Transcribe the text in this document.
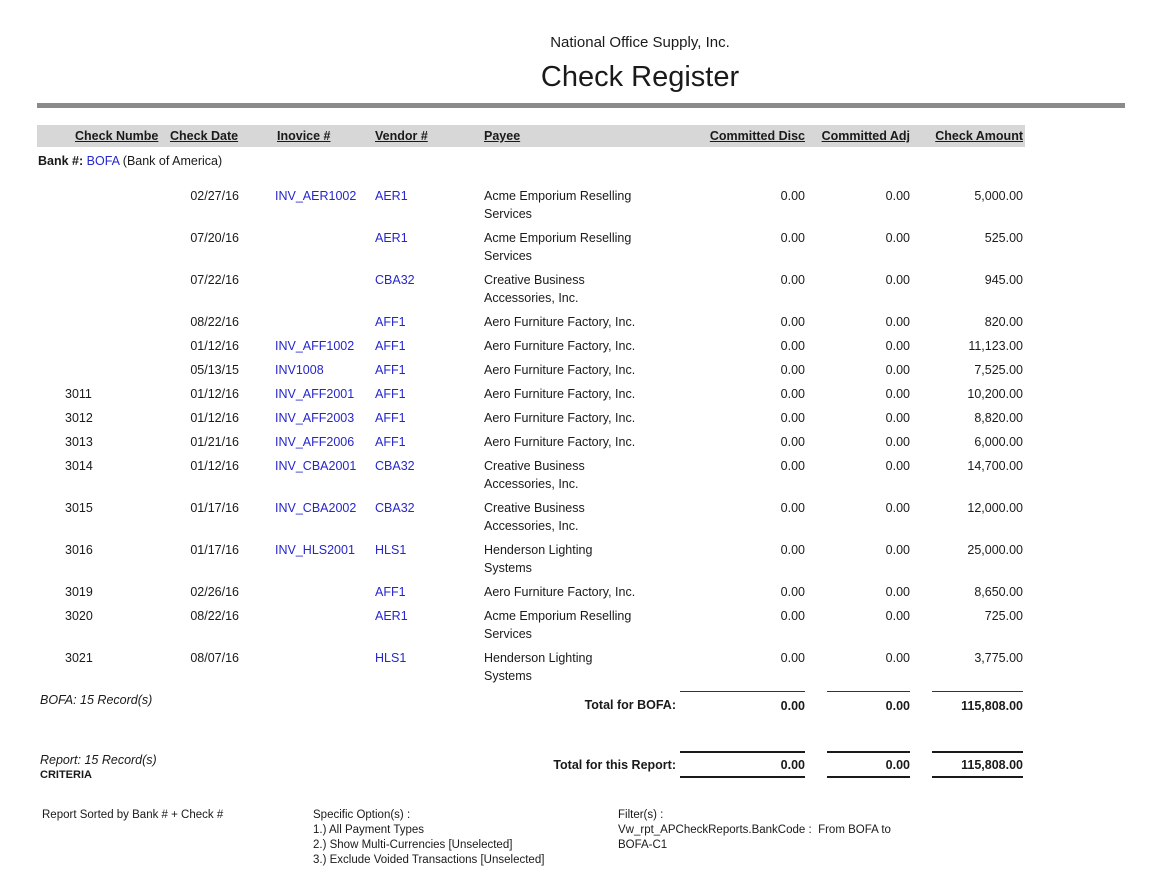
National Office Supply, Inc.
Check Register
Check Numbe	Check Date	Inovice #	Vendor #	Payee	Committed Disc	Committed Adj	Check Amount
Bank #: BOFA (Bank of America)							
	02/27/16	INV_AER1002	AER1	Acme Emporium Reselling Services	0.00	0.00	5,000.00
	07/20/16		AER1	Acme Emporium Reselling Services	0.00	0.00	525.00
	07/22/16		CBA32	Creative Business Accessories, Inc.	0.00	0.00	945.00
	08/22/16		AFF1	Aero Furniture Factory, Inc.	0.00	0.00	820.00
	01/12/16	INV_AFF1002	AFF1	Aero Furniture Factory, Inc.	0.00	0.00	11,123.00
	05/13/15	INV1008	AFF1	Aero Furniture Factory, Inc.	0.00	0.00	7,525.00
3011	01/12/16	INV_AFF2001	AFF1	Aero Furniture Factory, Inc.	0.00	0.00	10,200.00
3012	01/12/16	INV_AFF2003	AFF1	Aero Furniture Factory, Inc.	0.00	0.00	8,820.00
3013	01/21/16	INV_AFF2006	AFF1	Aero Furniture Factory, Inc.	0.00	0.00	6,000.00
3014	01/12/16	INV_CBA2001	CBA32	Creative Business Accessories, Inc.	0.00	0.00	14,700.00
3015	01/17/16	INV_CBA2002	CBA32	Creative Business Accessories, Inc.	0.00	0.00	12,000.00
3016	01/17/16	INV_HLS2001	HLS1	Henderson Lighting Systems	0.00	0.00	25,000.00
3019	02/26/16		AFF1	Aero Furniture Factory, Inc.	0.00	0.00	8,650.00
3020	08/22/16		AER1	Acme Emporium Reselling Services	0.00	0.00	725.00
3021	08/07/16		HLS1	Henderson Lighting Systems	0.00	0.00	3,775.00

BOFA: 15 Record(s) Total for BOFA:					0.00	0.00	115,808.00

Report: 15 Record(s) Total for this Report:					0.00	0.00	115,808.00
CRITERIA
Report Sorted by Bank # + Check #	Specific Option(s) :
1.) All Payment Types
2.) Show Multi-Currencies [Unselected]
3.) Exclude Voided Transactions [Unselected]
Filter(s) :
Vw_rpt_APCheckReports.BankCode :  From BOFA to BOFA-C1
